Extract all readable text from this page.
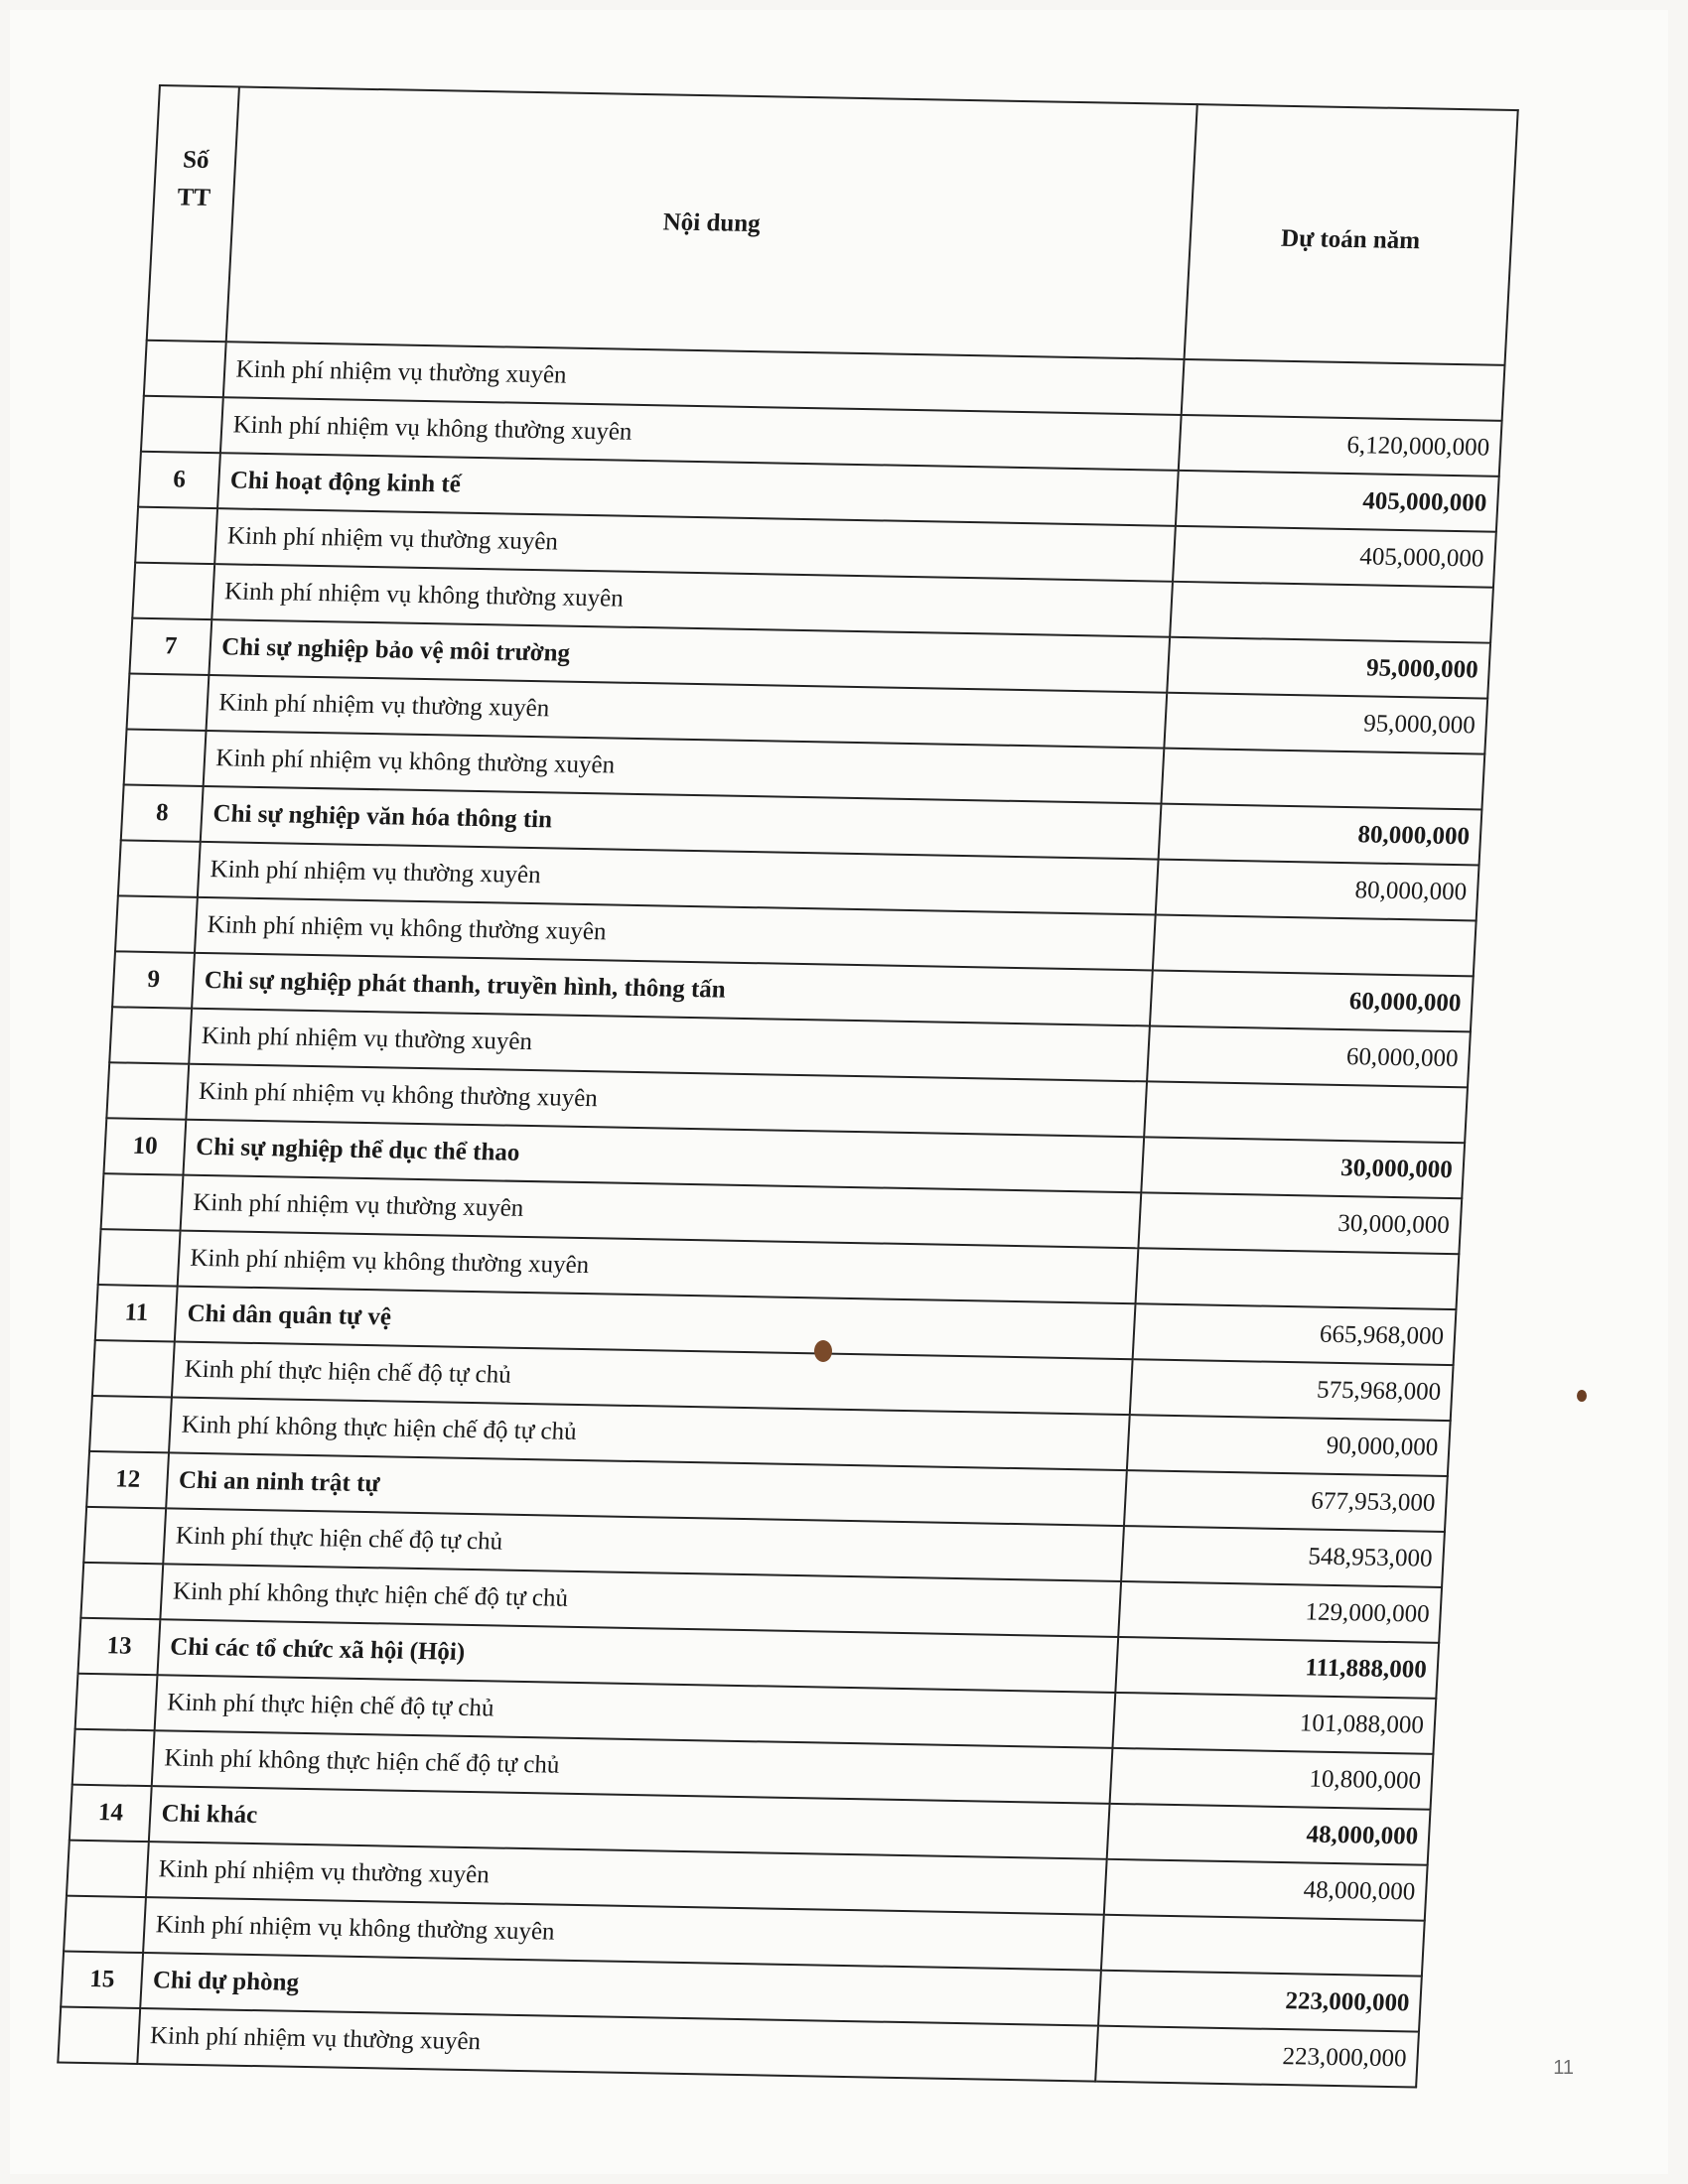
Số
TT	Nội dung	Dự toán năm
	Kinh phí nhiệm vụ thường xuyên	
	Kinh phí nhiệm vụ không thường xuyên	6,120,000,000
6	Chi hoạt động kinh tế	405,000,000
	Kinh phí nhiệm vụ thường xuyên	405,000,000
	Kinh phí nhiệm vụ không thường xuyên	
7	Chi sự nghiệp bảo vệ môi trường	95,000,000
	Kinh phí nhiệm vụ thường xuyên	95,000,000
	Kinh phí nhiệm vụ không thường xuyên	
8	Chi sự nghiệp văn hóa thông tin	80,000,000
	Kinh phí nhiệm vụ thường xuyên	80,000,000
	Kinh phí nhiệm vụ không thường xuyên	
9	Chi sự nghiệp phát thanh, truyền hình, thông tấn	60,000,000
	Kinh phí nhiệm vụ thường xuyên	60,000,000
	Kinh phí nhiệm vụ không thường xuyên	
10	Chi sự nghiệp thể dục thể thao	30,000,000
	Kinh phí nhiệm vụ thường xuyên	30,000,000
	Kinh phí nhiệm vụ không thường xuyên	
11	Chi dân quân tự vệ	665,968,000
	Kinh phí thực hiện chế độ tự chủ	575,968,000
	Kinh phí không thực hiện chế độ tự chủ	90,000,000
12	Chi an ninh trật tự	677,953,000
	Kinh phí thực hiện chế độ tự chủ	548,953,000
	Kinh phí không thực hiện chế độ tự chủ	129,000,000
13	Chi các tổ chức xã hội (Hội)	111,888,000
	Kinh phí thực hiện chế độ tự chủ	101,088,000
	Kinh phí không thực hiện chế độ tự chủ	10,800,000
14	Chi khác	48,000,000
	Kinh phí nhiệm vụ thường xuyên	48,000,000
	Kinh phí nhiệm vụ không thường xuyên	
15	Chi dự phòng	223,000,000
	Kinh phí nhiệm vụ thường xuyên	223,000,000	11
